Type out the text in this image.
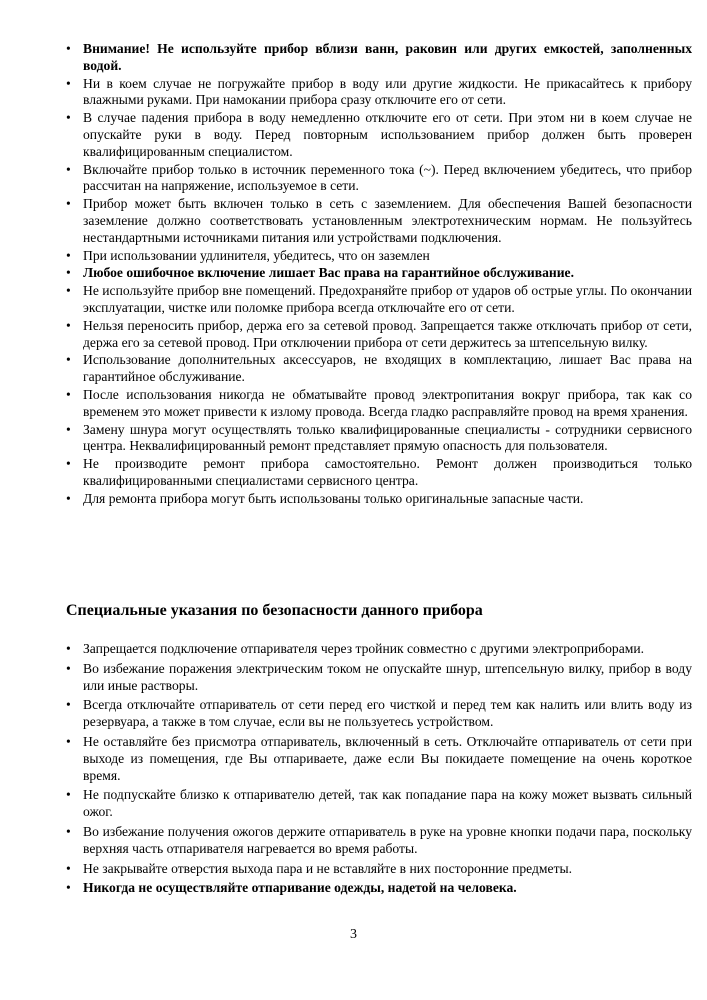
• Внимание! Не используйте прибор вблизи ванн, раковин или других емкостей, заполненных водой.
• Ни в коем случае не погружайте прибор в воду или другие жидкости. Не прикасайтесь к прибору влажными руками. При намокании прибора сразу отключите его от сети.
• В случае падения прибора в воду немедленно отключите его от сети. При этом ни в коем случае не опускайте руки в воду. Перед повторным использованием прибор должен быть проверен квалифицированным специалистом.
• Включайте прибор только в источник переменного тока (~). Перед включением убедитесь, что прибор рассчитан на напряжение, используемое в сети.
• Прибор может быть включен только в сеть с заземлением. Для обеспечения Вашей безопасности заземление должно соответствовать установленным электротехническим нормам. Не пользуйтесь нестандартными источниками питания или устройствами подключения.
• При использовании удлинителя, убедитесь, что он заземлен
• Любое ошибочное включение лишает Вас права на гарантийное обслуживание.
• Не используйте прибор вне помещений. Предохраняйте прибор от ударов об острые углы. По окончании эксплуатации, чистке или поломке прибора всегда отключайте его от сети.
• Нельзя переносить прибор, держа его за сетевой провод. Запрещается также отключать прибор от сети, держа его за сетевой провод. При отключении прибора от сети держитесь за штепсельную вилку.
• Использование дополнительных аксессуаров, не входящих в комплектацию, лишает Вас права на гарантийное обслуживание.
• После использования никогда не обматывайте провод электропитания вокруг прибора, так как со временем это может привести к излому провода. Всегда гладко расправляйте провод на время хранения.
• Замену шнура могут осуществлять только квалифицированные специалисты - сотрудники сервисного центра. Неквалифицированный ремонт представляет прямую опасность для пользователя.
• Не производите ремонт прибора самостоятельно. Ремонт должен производиться только квалифицированными специалистами сервисного центра.
• Для ремонта прибора могут быть использованы только оригинальные запасные части.
Специальные указания по безопасности данного прибора
• Запрещается подключение отпаривателя через тройник совместно с другими электроприборами.
• Во избежание поражения электрическим током не опускайте шнур, штепсельную вилку, прибор в воду или иные растворы.
• Всегда отключайте отпариватель от сети перед его чисткой и перед тем как налить или влить воду из резервуара, а также в том случае, если вы не пользуетесь устройством.
• Не оставляйте без присмотра отпариватель, включенный в сеть. Отключайте отпариватель от сети при выходе из помещения, где Вы отпариваете, даже если Вы покидаете помещение на очень короткое время.
• Не подпускайте близко к отпаривателю детей, так как попадание пара на кожу может вызвать сильный ожог.
• Во избежание получения ожогов держите отпариватель в руке на уровне кнопки подачи пара, поскольку верхняя часть отпаривателя нагревается во время работы.
• Не закрывайте отверстия выхода пара и не вставляйте в них посторонние предметы.
• Никогда не осуществляйте отпаривание одежды, надетой на человека.
3
